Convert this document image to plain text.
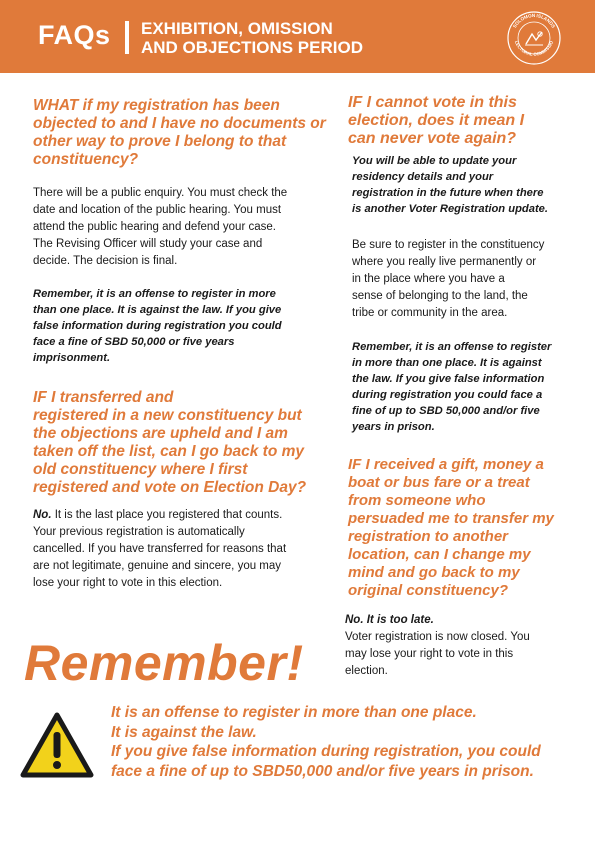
FAQs EXHIBITION, OMISSION
AND OBJECTIONS PERIOD
SOLOMON ISLANDS
LECTORAL COMMISSIO
WHAT if my registration has been
objected to and I have no documents or
other way to prove I belong to that
constituency?
There will be a public enquiry. You must check the
date and location of the public hearing. You must
attend the public hearing and defend your case.
The Revising Officer will study your case and
decide. The decision is final.
Remember, it is an offense to register in more
than one place. It is against the law. If you give
false information during registration you could
face a fine of SBD 50,000 or five years
imprisonment.
IF I transferred and
registered in a new constituency but
the objections are upheld and I am
taken off the list, can I go back to my
old constituency where I first
registered and vote on Election Day?
No. It is the last place you registered that counts.
Your previous registration is automatically
cancelled. If you have transferred for reasons that
are not legitimate, genuine and sincere, you may
lose your right to vote in this election.
IF I cannot vote in this
election, does it mean I
can never vote again?
You will be able to update your
residency details and your
registration in the future when there
is another Voter Registration update.
Be sure to register in the constituency
where you really live permanently or
in the place where you have a
sense of belonging to the land, the
tribe or community in the area.
Remember, it is an offense to register
in more than one place. It is against
the law. If you give false information
during registration you could face a
fine of up to SBD 50,000 and/or five
years in prison.
IF I received a gift, money a
boat or bus fare or a treat
from someone who
persuaded me to transfer my
registration to another
location, can I change my
mind and go back to my
original constituency?
No. It is too late.
Voter registration is now closed. You
may lose your right to vote in this
election.
Remember!
It is an offense to register in more than one place.
It is against the law.
If you give false information during registration, you could
face a fine of up to SBD50,000 and/or five years in prison.
